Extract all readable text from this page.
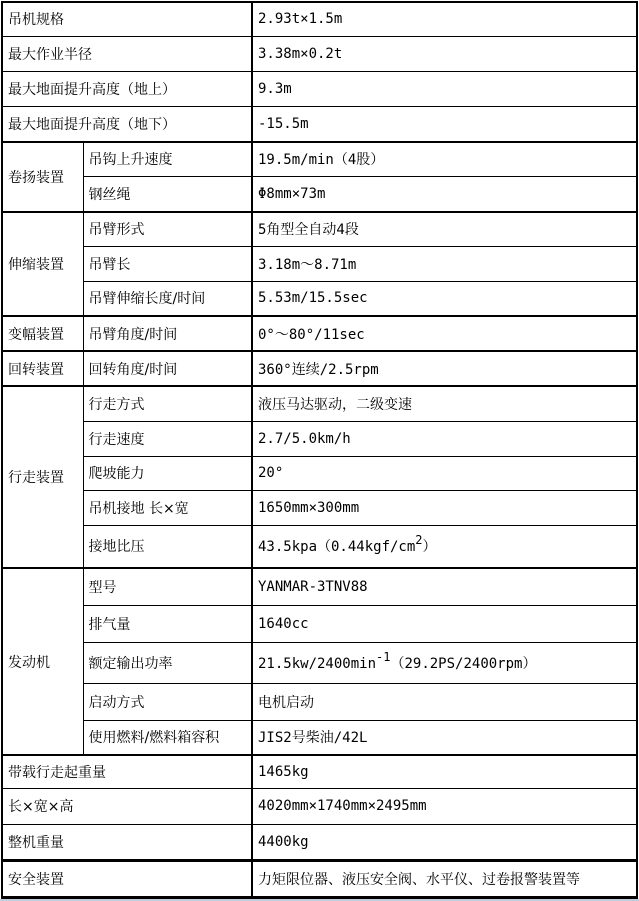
吊机规格		2.93t×1.5m
最大作业半径		3.38m×0.2t
最大地面提升高度（地上）		9.3m
最大地面提升高度（地下）		-15.5m
卷扬装置	吊钩上升速度	19.5m/min（4股）
	钢丝绳	Φ8mm×73m
伸缩装置	吊臂形式	5角型全自动4段
	吊臂长	3.18m～8.71m
	吊臂伸缩长度/时间	5.53m/15.5sec
变幅装置	吊臂角度/时间	0°～80°/11sec
回转装置	回转角度/时间	360°连续/2.5rpm
行走装置	行走方式	液压马达驱动，二级变速
	行走速度	2.7/5.0km/h
	爬坡能力	20°
	吊机接地 长×宽	1650mm×300mm
	接地比压	43.5kpa（0.44kgf/cm2）
发动机	型号	YANMAR-3TNV88
	排气量	1640cc
	额定输出功率	21.5kw/2400min-1（29.2PS/2400rpm）
	启动方式	电机启动
	使用燃料/燃料箱容积	JIS2号柴油/42L
带载行走起重量		1465kg
长×宽×高		4020mm×1740mm×2495mm
整机重量		4400kg
安全装置		力矩限位器、液压安全阀、水平仪、过卷报警装置等
